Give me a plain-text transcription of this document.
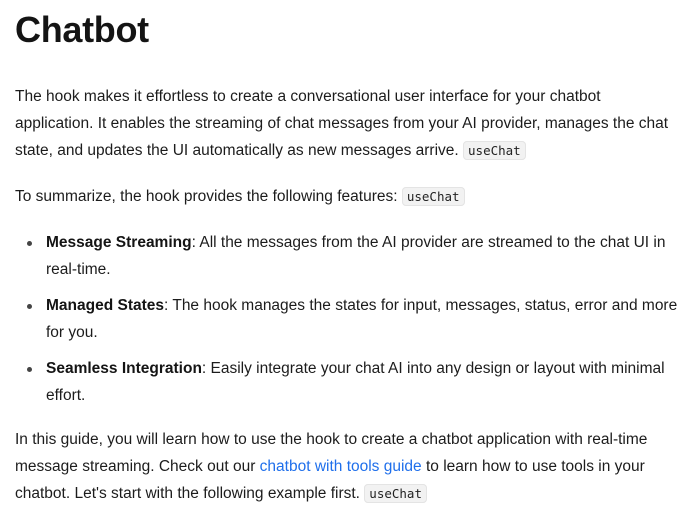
Chatbot

The hook makes it effortless to create a conversational user interface for your chatbot application. It enables the streaming of chat messages from your AI provider, manages the chat state, and updates the UI automatically as new messages arrive. useChat

To summarize, the hook provides the following features: useChat

Message Streaming: All the messages from the AI provider are streamed to the chat UI in real-time.
Managed States: The hook manages the states for input, messages, status, error and more for you.
Seamless Integration: Easily integrate your chat AI into any design or layout with minimal effort.

In this guide, you will learn how to use the hook to create a chatbot application with real-time message streaming. Check out our chatbot with tools guide to learn how to use tools in your chatbot. Let's start with the following example first. useChat
